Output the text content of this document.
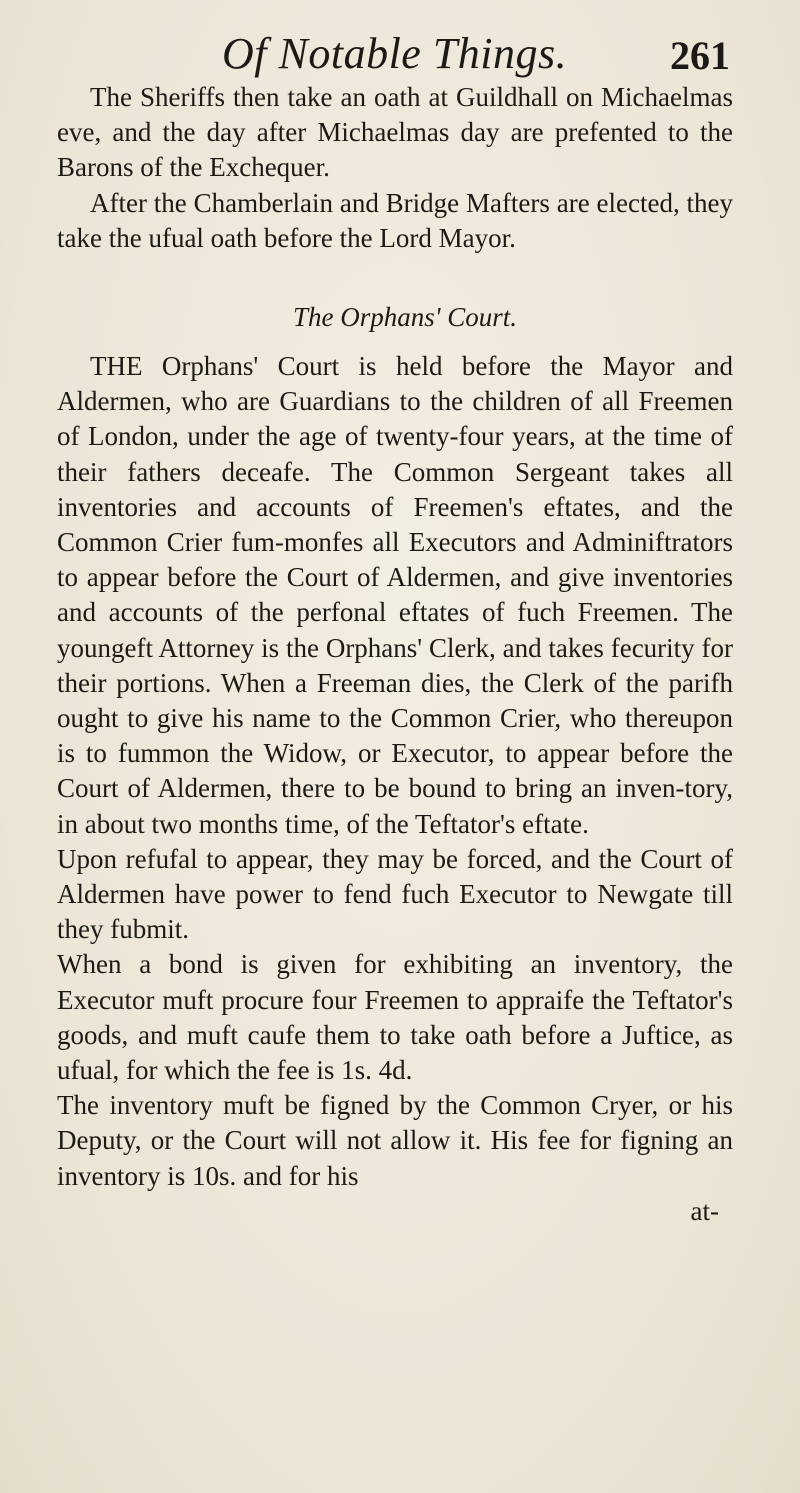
Of Notable Things.	261

The Sheriffs then take an oath at Guildhall on Michaelmas eve, and the day after Michaelmas day are prefented to the Barons of the Exchequer.

After the Chamberlain and Bridge Mafters are elected, they take the ufual oath before the Lord Mayor.

The Orphans' Court.

THE Orphans' Court is held before the Mayor and Aldermen, who are Guardians to the children of all Freemen of London, under the age of twenty-four years, at the time of their fathers deceafe. The Common Sergeant takes all inventories and accounts of Freemen's eftates, and the Common Crier fum-monfes all Executors and Adminiftrators to appear before the Court of Aldermen, and give inventories and accounts of the perfonal eftates of fuch Freemen. The youngeft Attorney is the Orphans' Clerk, and takes fecurity for their portions. When a Freeman dies, the Clerk of the parifh ought to give his name to the Common Crier, who thereupon is to fummon the Widow, or Executor, to appear before the Court of Aldermen, there to be bound to bring an inven-tory, in about two months time, of the Teftator's eftate.

Upon refufal to appear, they may be forced, and the Court of Aldermen have power to fend fuch Executor to Newgate till they fubmit.

When a bond is given for exhibiting an inventory, the Executor muft procure four Freemen to appraife the Teftator's goods, and muft caufe them to take oath before a Juftice, as ufual, for which the fee is 1s. 4d.

The inventory muft be figned by the Common Cryer, or his Deputy, or the Court will not allow it. His fee for figning an inventory is 10s. and for his

at-
